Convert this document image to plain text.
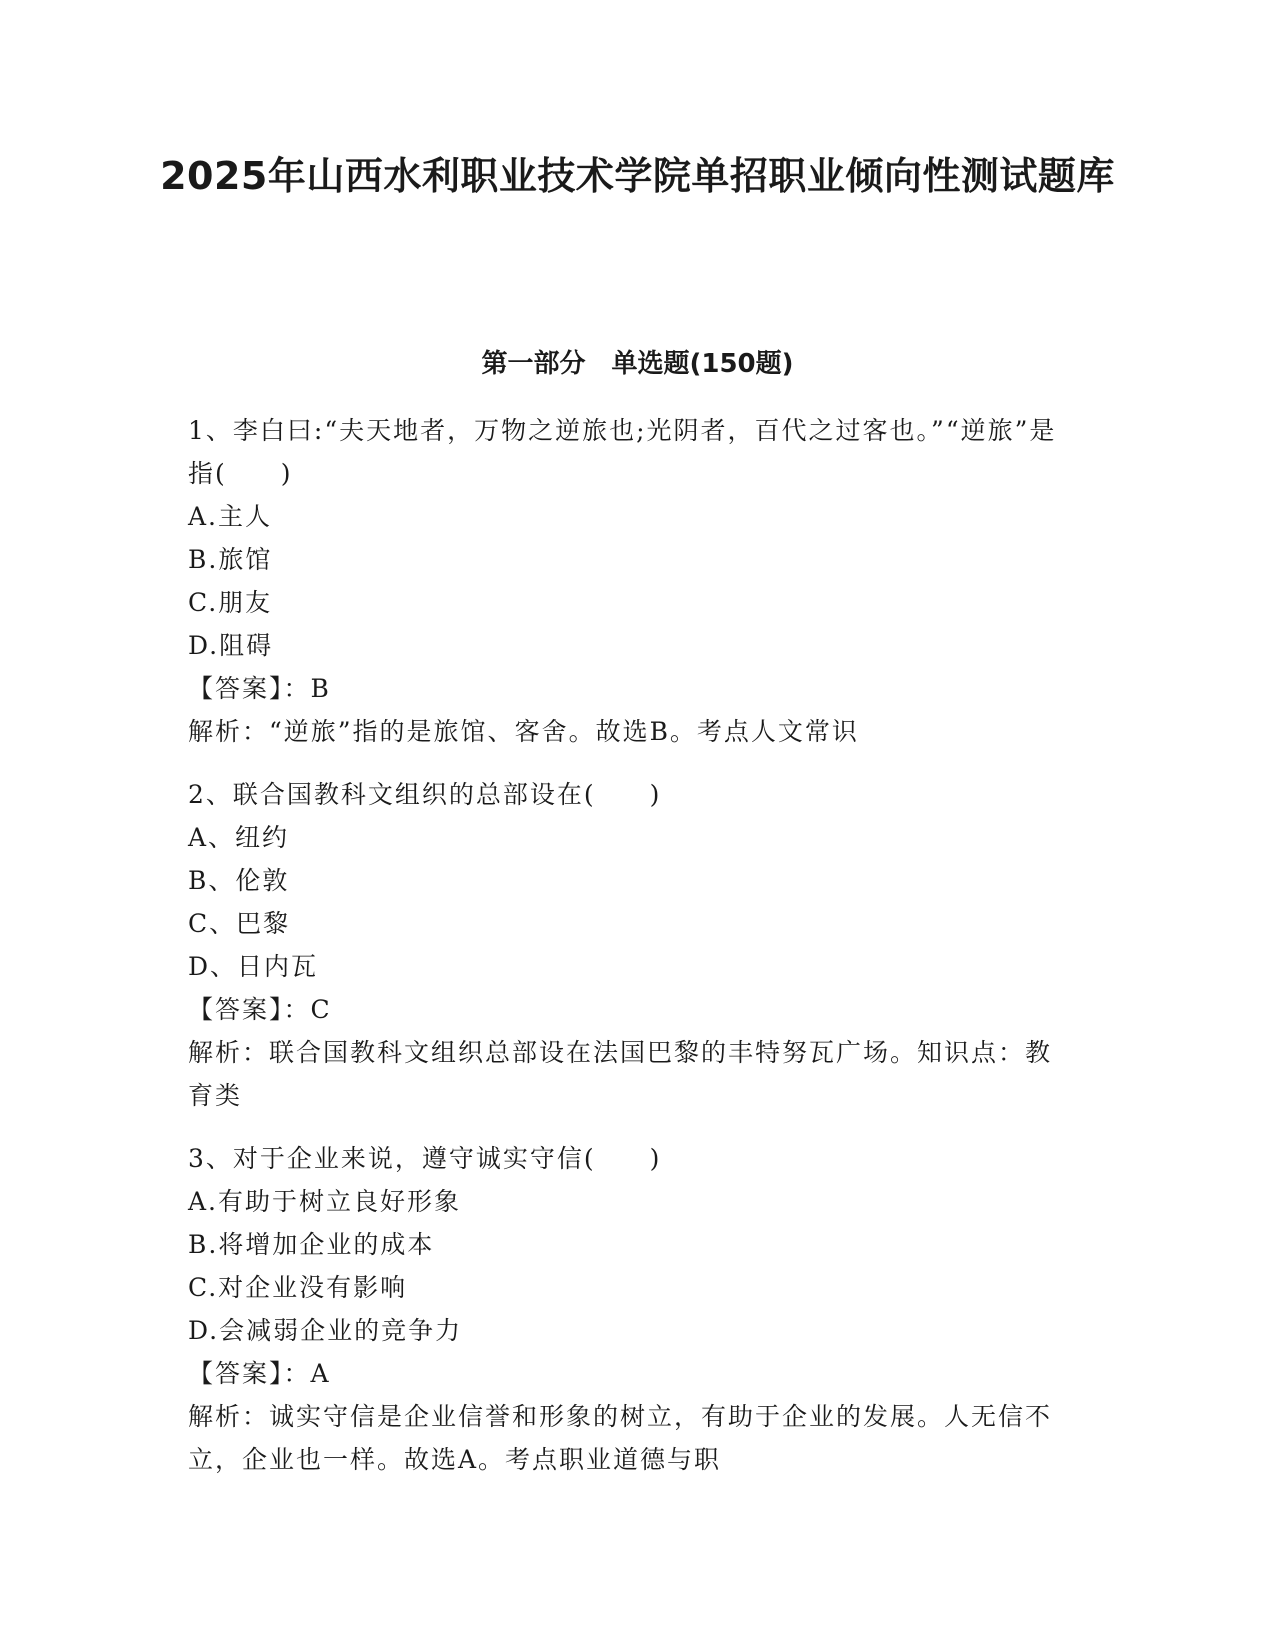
2025年山西水利职业技术学院单招职业倾向性测试题库
第一部分　单选题(150题)
1、李白曰:“夫天地者，万物之逆旅也;光阴者，百代之过客也。”“逆旅”是指(　　)
A.主人
B.旅馆
C.朋友
D.阻碍
【答案】：B
解析：“逆旅”指的是旅馆、客舍。故选B。考点人文常识
2、联合国教科文组织的总部设在(　　)
A、纽约
B、伦敦
C、巴黎
D、日内瓦
【答案】：C
解析：联合国教科文组织总部设在法国巴黎的丰特努瓦广场。知识点：教育类
3、对于企业来说，遵守诚实守信(　　)
A.有助于树立良好形象
B.将增加企业的成本
C.对企业没有影响
D.会减弱企业的竞争力
【答案】：A
解析：诚实守信是企业信誉和形象的树立，有助于企业的发展。人无信不立，企业也一样。故选A。考点职业道德与职
